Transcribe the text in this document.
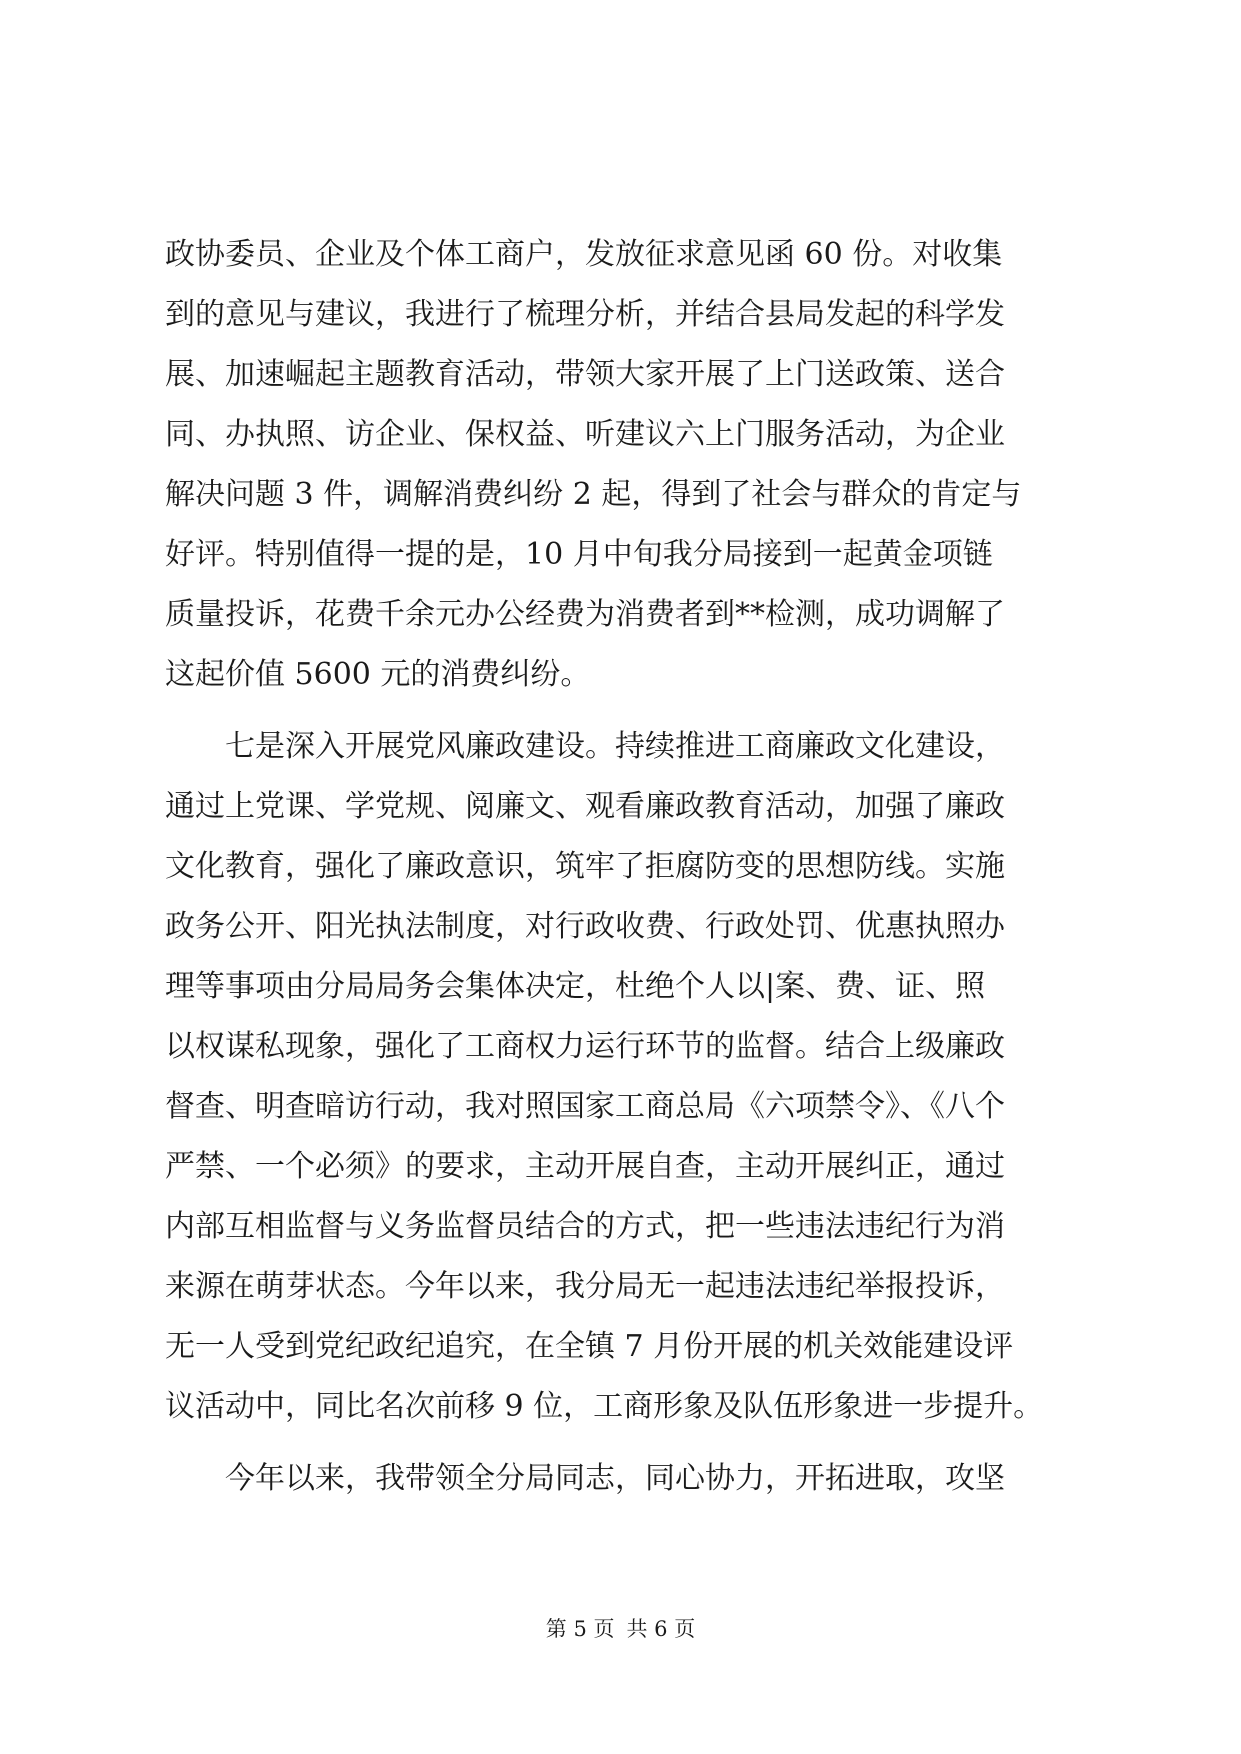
政协委员、企业及个体工商户，发放征求意见函 60 份。对收集
到的意见与建议，我进行了梳理分析，并结合县局发起的科学发
展、加速崛起主题教育活动，带领大家开展了上门送政策、送合
同、办执照、访企业、保权益、听建议六上门服务活动，为企业
解决问题 3 件，调解消费纠纷 2 起，得到了社会与群众的肯定与
好评。特别值得一提的是，10 月中旬我分局接到一起黄金项链
质量投诉，花费千余元办公经费为消费者到**检测，成功调解了
这起价值 5600 元的消费纠纷。
　　七是深入开展党风廉政建设。持续推进工商廉政文化建设，
通过上党课、学党规、阅廉文、观看廉政教育活动，加强了廉政
文化教育，强化了廉政意识，筑牢了拒腐防变的思想防线。实施
政务公开、阳光执法制度，对行政收费、行政处罚、优惠执照办
理等事项由分局局务会集体决定，杜绝个人以|案、费、证、照
以权谋私现象，强化了工商权力运行环节的监督。结合上级廉政
督查、明查暗访行动，我对照国家工商总局《六项禁令》、《八个
严禁、一个必须》的要求，主动开展自查，主动开展纠正，通过
内部互相监督与义务监督员结合的方式，把一些违法违纪行为消
来源在萌芽状态。今年以来，我分局无一起违法违纪举报投诉，
无一人受到党纪政纪追究，在全镇 7 月份开展的机关效能建设评
议活动中，同比名次前移 9 位，工商形象及队伍形象进一步提升。
　　今年以来，我带领全分局同志，同心协力，开拓进取，攻坚
第 5 页 共 6 页
